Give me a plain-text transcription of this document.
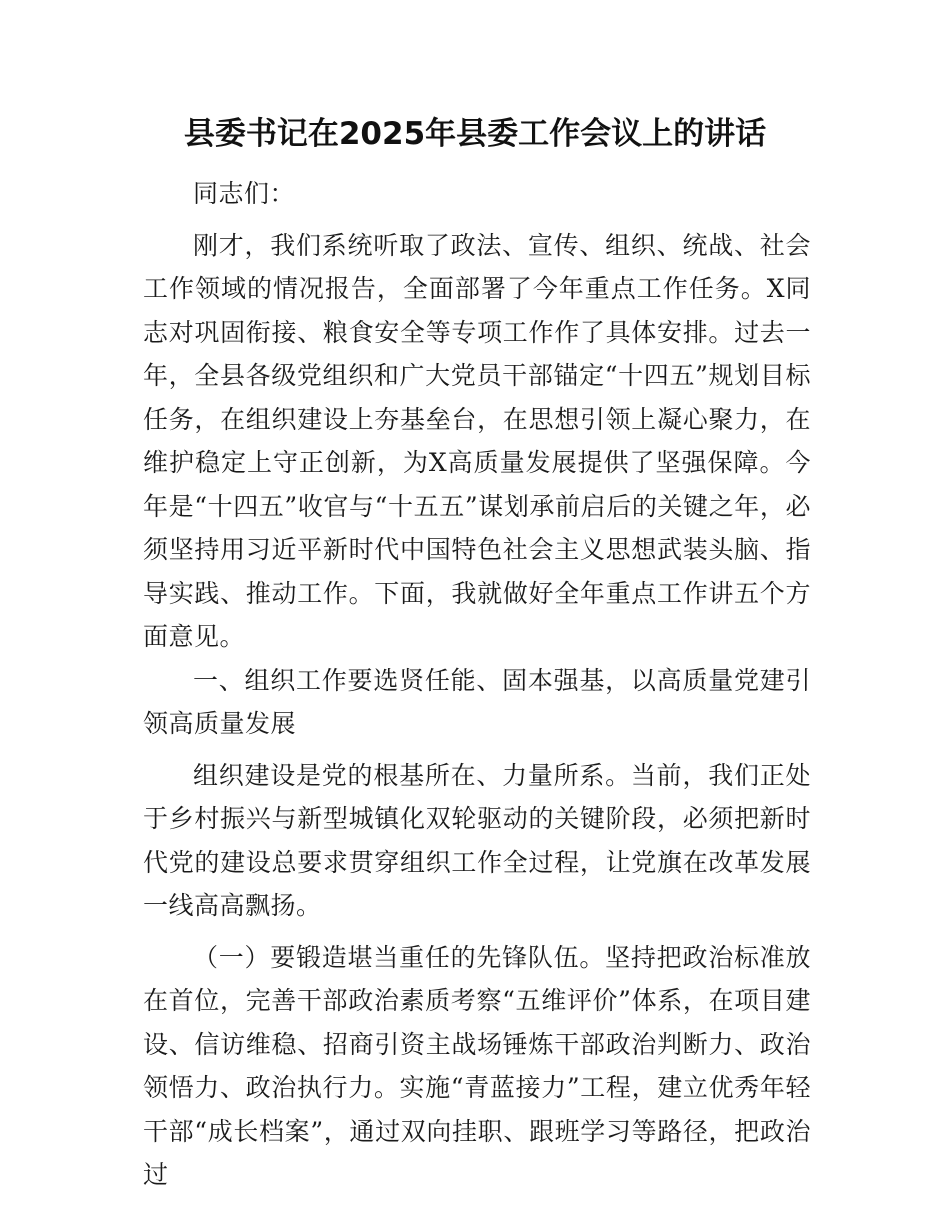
县委书记在2025年县委工作会议上的讲话

同志们：

刚才，我们系统听取了政法、宣传、组织、统战、社会工作领域的情况报告，全面部署了今年重点工作任务。X同志对巩固衔接、粮食安全等专项工作作了具体安排。过去一年，全县各级党组织和广大党员干部锚定“十四五”规划目标任务，在组织建设上夯基垒台，在思想引领上凝心聚力，在维护稳定上守正创新，为X高质量发展提供了坚强保障。今年是“十四五”收官与“十五五”谋划承前启后的关键之年，必须坚持用习近平新时代中国特色社会主义思想武装头脑、指导实践、推动工作。下面，我就做好全年重点工作讲五个方面意见。

一、组织工作要选贤任能、固本强基，以高质量党建引领高质量发展

组织建设是党的根基所在、力量所系。当前，我们正处于乡村振兴与新型城镇化双轮驱动的关键阶段，必须把新时代党的建设总要求贯穿组织工作全过程，让党旗在改革发展一线高高飘扬。

（一）要锻造堪当重任的先锋队伍。坚持把政治标准放在首位，完善干部政治素质考察“五维评价”体系，在项目建设、信访维稳、招商引资主战场锤炼干部政治判断力、政治领悟力、政治执行力。实施“青蓝接力”工程，建立优秀年轻干部“成长档案”，通过双向挂职、跟班学习等路径，把政治过
